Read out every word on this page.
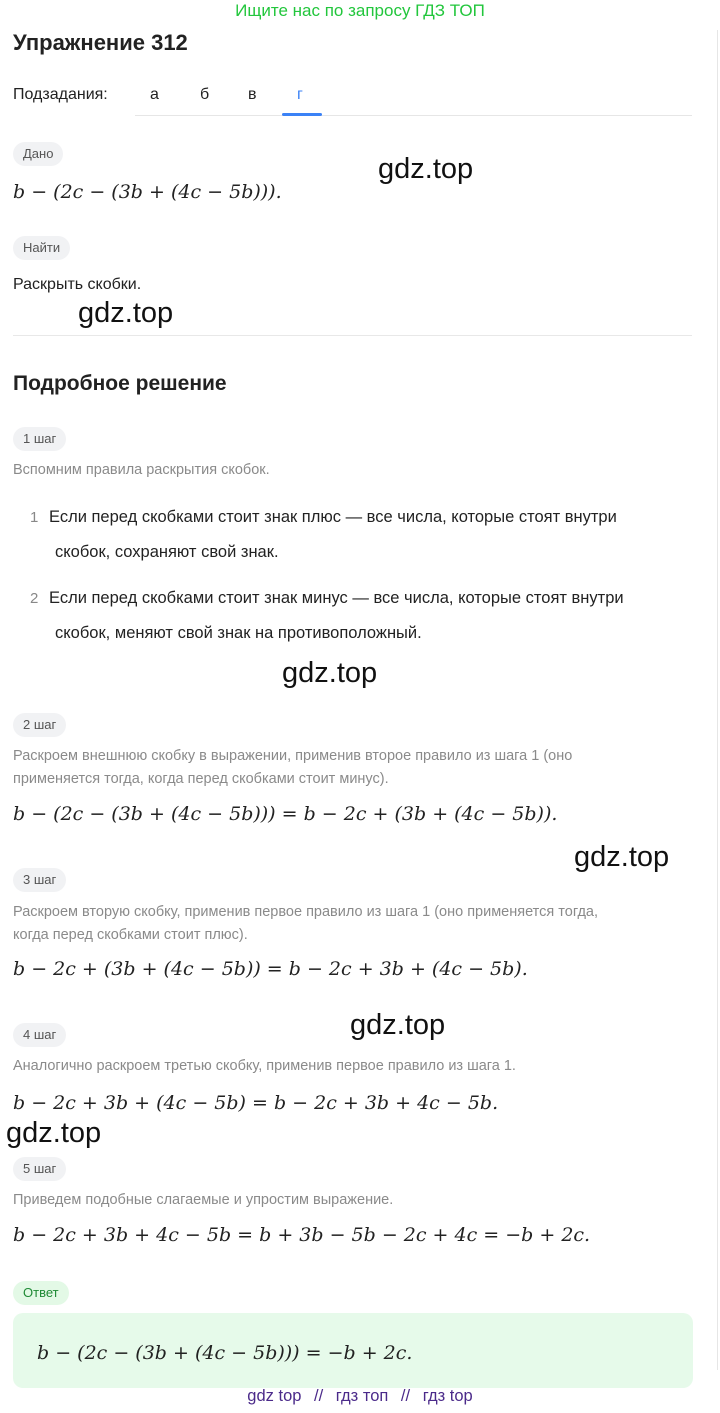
Ищите нас по запросу ГДЗ ТОП
Упражнение 312
Подзадания:	а	б в	г
Дано
b − (2c − (3b + (4c − 5b))).
Найти
Раскрыть скобки.
Подробное решение
1 шаг
Вспомним правила раскрытия скобок.
1 Если перед скобками стоит знак плюс — все числа, которые стоят внутри
скобок, сохраняют свой знак.
2 Если перед скобками стоит знак минус — все числа, которые стоят внутри
скобок, меняют свой знак на противоположный.
2 шаг
Раскроем внешнюю скобку в выражении, применив второе правило из шага 1 (оно
применяется тогда, когда перед скобками стоит минус).
b − (2c − (3b + (4c − 5b))) = b − 2c + (3b + (4c − 5b)).
3 шаг
Раскроем вторую скобку, применив первое правило из шага 1 (оно применяется тогда,
когда перед скобками стоит плюс).
b − 2c + (3b + (4c − 5b)) = b − 2c + 3b + (4c − 5b).
4 шаг
Аналогично раскроем третью скобку, применив первое правило из шага 1.
b − 2c + 3b + (4c − 5b) = b − 2c + 3b + 4c − 5b.
5 шаг
Приведем подобные слагаемые и упростим выражение.
b − 2c + 3b + 4c − 5b = b + 3b − 5b − 2c + 4c = −b + 2c.
Ответ
b − (2c − (3b + (4c − 5b))) = −b + 2c.
gdz.top
gdz.top
gdz.top
gdz.top
gdz.top
gdz.top
gdz top // гдз топ // гдз top
